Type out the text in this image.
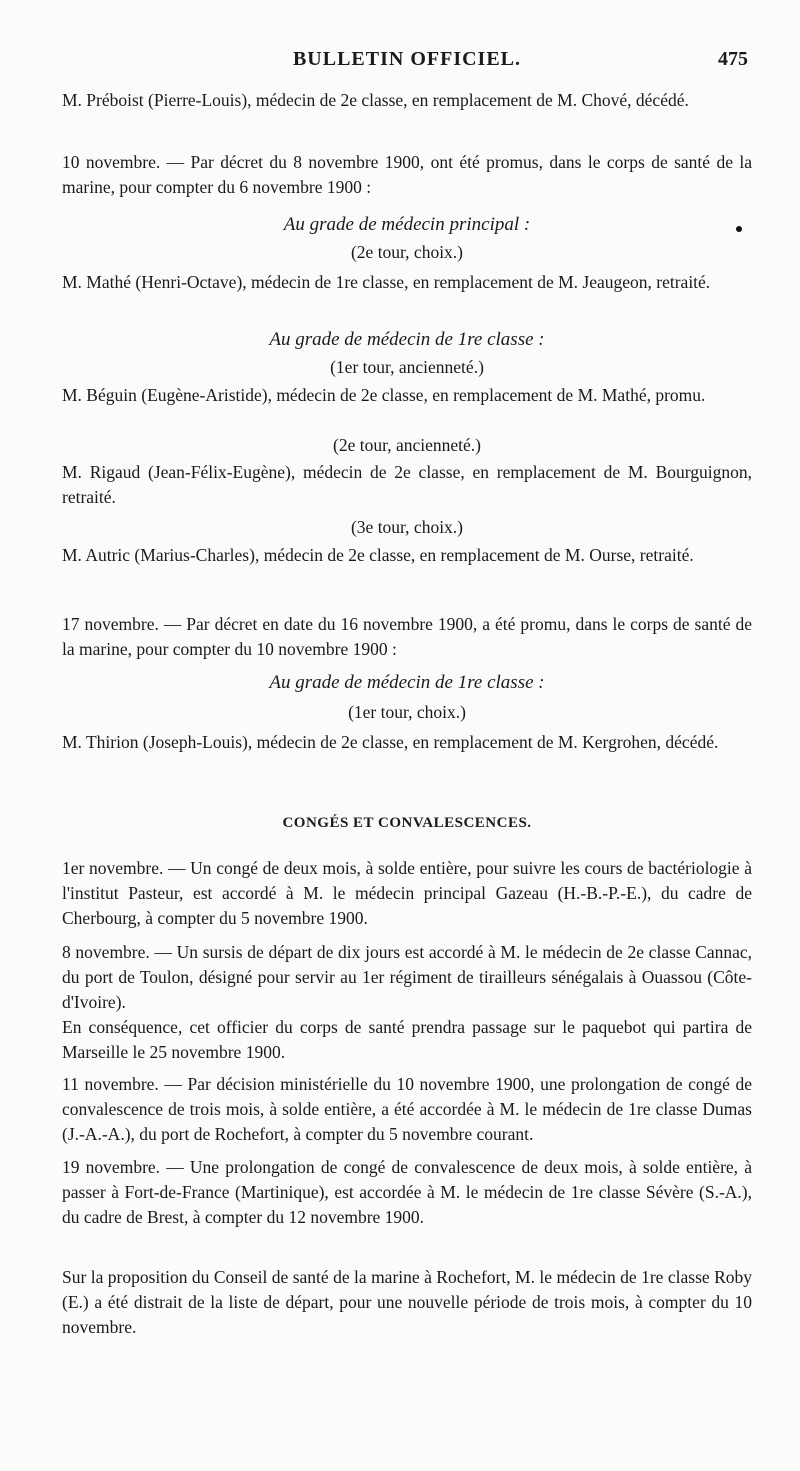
BULLETIN OFFICIEL.	475
M. Préboist (Pierre-Louis), médecin de 2e classe, en remplacement de M. Chové, décédé.
10 novembre. — Par décret du 8 novembre 1900, ont été promus, dans le corps de santé de la marine, pour compter du 6 novembre 1900 :
Au grade de médecin principal :
(2e tour, choix.)
M. Mathé (Henri-Octave), médecin de 1re classe, en remplacement de M. Jeaugeon, retraité.
Au grade de médecin de 1re classe :
(1er tour, ancienneté.)
M. Béguin (Eugène-Aristide), médecin de 2e classe, en remplacement de M. Mathé, promu.
(2e tour, ancienneté.)
M. Rigaud (Jean-Félix-Eugène), médecin de 2e classe, en remplacement de M. Bourguignon, retraité.
(3e tour, choix.)
M. Autric (Marius-Charles), médecin de 2e classe, en remplacement de M. Ourse, retraité.
17 novembre. — Par décret en date du 16 novembre 1900, a été promu, dans le corps de santé de la marine, pour compter du 10 novembre 1900 :
Au grade de médecin de 1re classe :
(1er tour, choix.)
M. Thirion (Joseph-Louis), médecin de 2e classe, en remplacement de M. Kergrohen, décédé.
CONGÉS ET CONVALESCENCES.
1er novembre. — Un congé de deux mois, à solde entière, pour suivre les cours de bactériologie à l'institut Pasteur, est accordé à M. le médecin principal Gazeau (H.-B.-P.-E.), du cadre de Cherbourg, à compter du 5 novembre 1900.
8 novembre. — Un sursis de départ de dix jours est accordé à M. le médecin de 2e classe Cannac, du port de Toulon, désigné pour servir au 1er régiment de tirailleurs sénégalais à Ouassou (Côte-d'Ivoire).
En conséquence, cet officier du corps de santé prendra passage sur le paquebot qui partira de Marseille le 25 novembre 1900.
11 novembre. — Par décision ministérielle du 10 novembre 1900, une prolongation de congé de convalescence de trois mois, à solde entière, a été accordée à M. le médecin de 1re classe Dumas (J.-A.-A.), du port de Rochefort, à compter du 5 novembre courant.
19 novembre. — Une prolongation de congé de convalescence de deux mois, à solde entière, à passer à Fort-de-France (Martinique), est accordée à M. le médecin de 1re classe Sévère (S.-A.), du cadre de Brest, à compter du 12 novembre 1900.
Sur la proposition du Conseil de santé de la marine à Rochefort, M. le médecin de 1re classe Roby (E.) a été distrait de la liste de départ, pour une nouvelle période de trois mois, à compter du 10 novembre.
